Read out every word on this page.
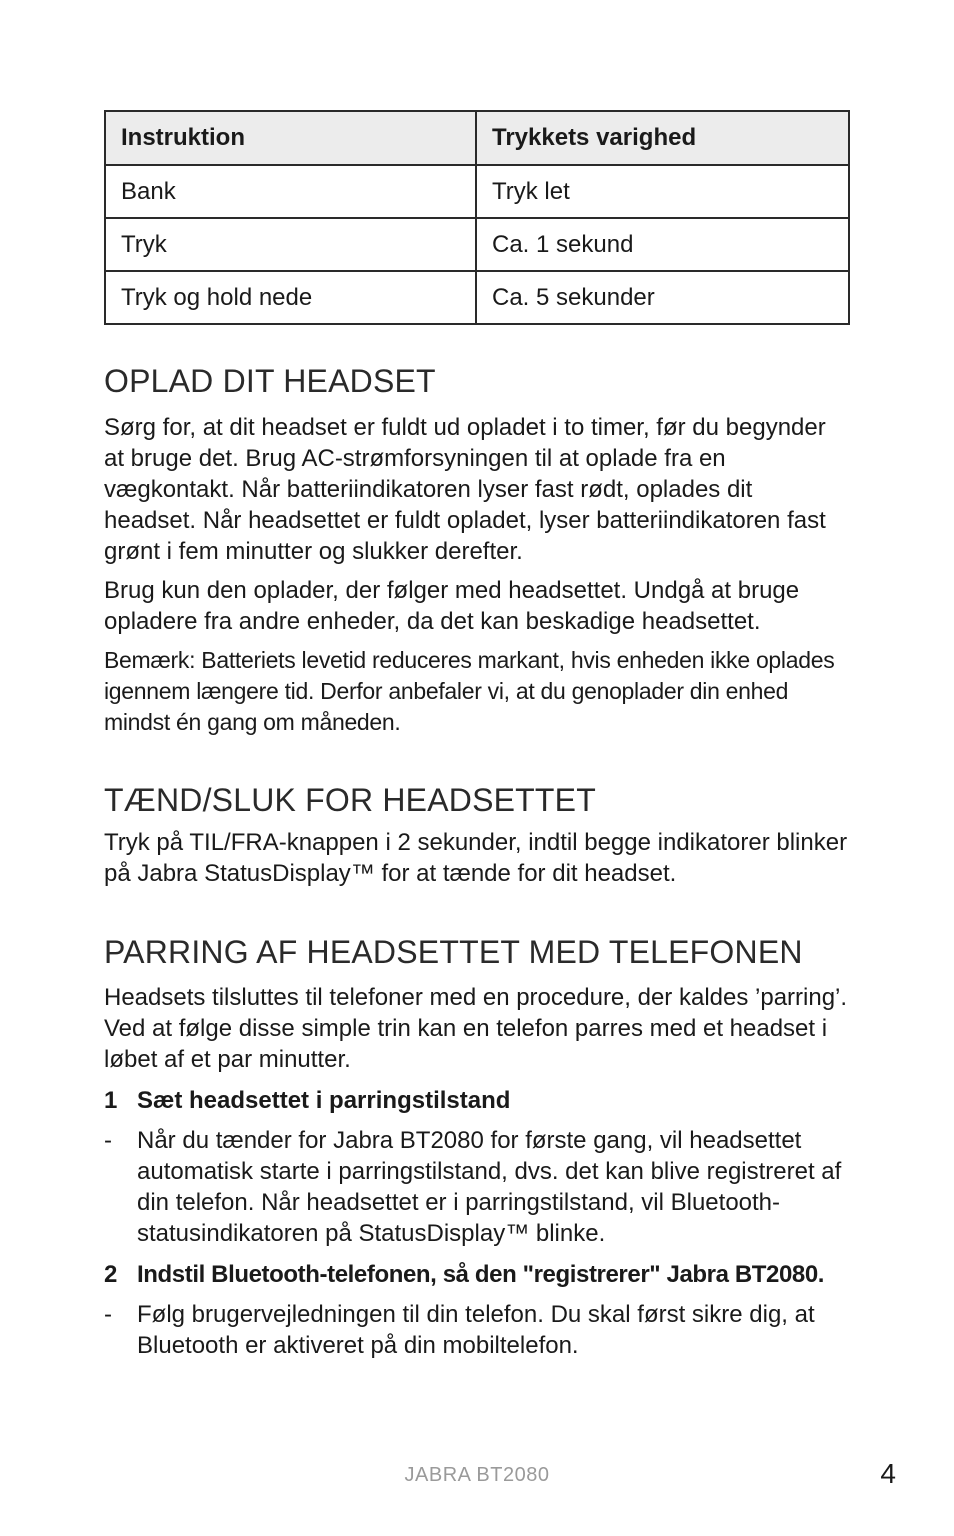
Instruktion	Trykkets varighed
Bank	Tryk let
Tryk	Ca. 1 sekund
Tryk og hold nede	Ca. 5 sekunder
OPLAD DIT HEADSET

Sørg for, at dit headset er fuldt ud opladet i to timer, før du begynder at bruge det. Brug AC-strømforsyningen til at oplade fra en vægkontakt. Når batteriindikatoren lyser fast rødt, oplades dit headset. Når headsettet er fuldt opladet, lyser batteriindikatoren fast grønt i fem minutter og slukker derefter.

Brug kun den oplader, der følger med headsettet. Undgå at bruge opladere fra andre enheder, da det kan beskadige headsettet.

Bemærk: Batteriets levetid reduceres markant, hvis enheden ikke oplades igennem længere tid. Derfor anbefaler vi, at du genoplader din enhed mindst én gang om måneden.

TÆND/SLUK FOR HEADSETTET

Tryk på TIL/FRA-knappen i 2 sekunder, indtil begge indikatorer blinker på Jabra StatusDisplay™ for at tænde for dit headset.

PARRING AF HEADSETTET MED TELEFONEN

Headsets tilsluttes til telefoner med en procedure, der kaldes ’parring’. Ved at følge disse simple trin kan en telefon parres med et headset i løbet af et par minutter.

1 Sæt headsettet i parringstilstand
-	Når du tænder for Jabra BT2080 for første gang, vil headsettet automatisk starte i parringstilstand, dvs. det kan blive registreret af din telefon. Når headsettet er i parringstilstand, vil Bluetooth-statusindikatoren på StatusDisplay™ blinke.
2 Indstil Bluetooth-telefonen, så den "registrerer" Jabra BT2080.
-	Følg brugervejledningen til din telefon. Du skal først sikre dig, at Bluetooth er aktiveret på din mobiltelefon.
JABRA BT2080	4
